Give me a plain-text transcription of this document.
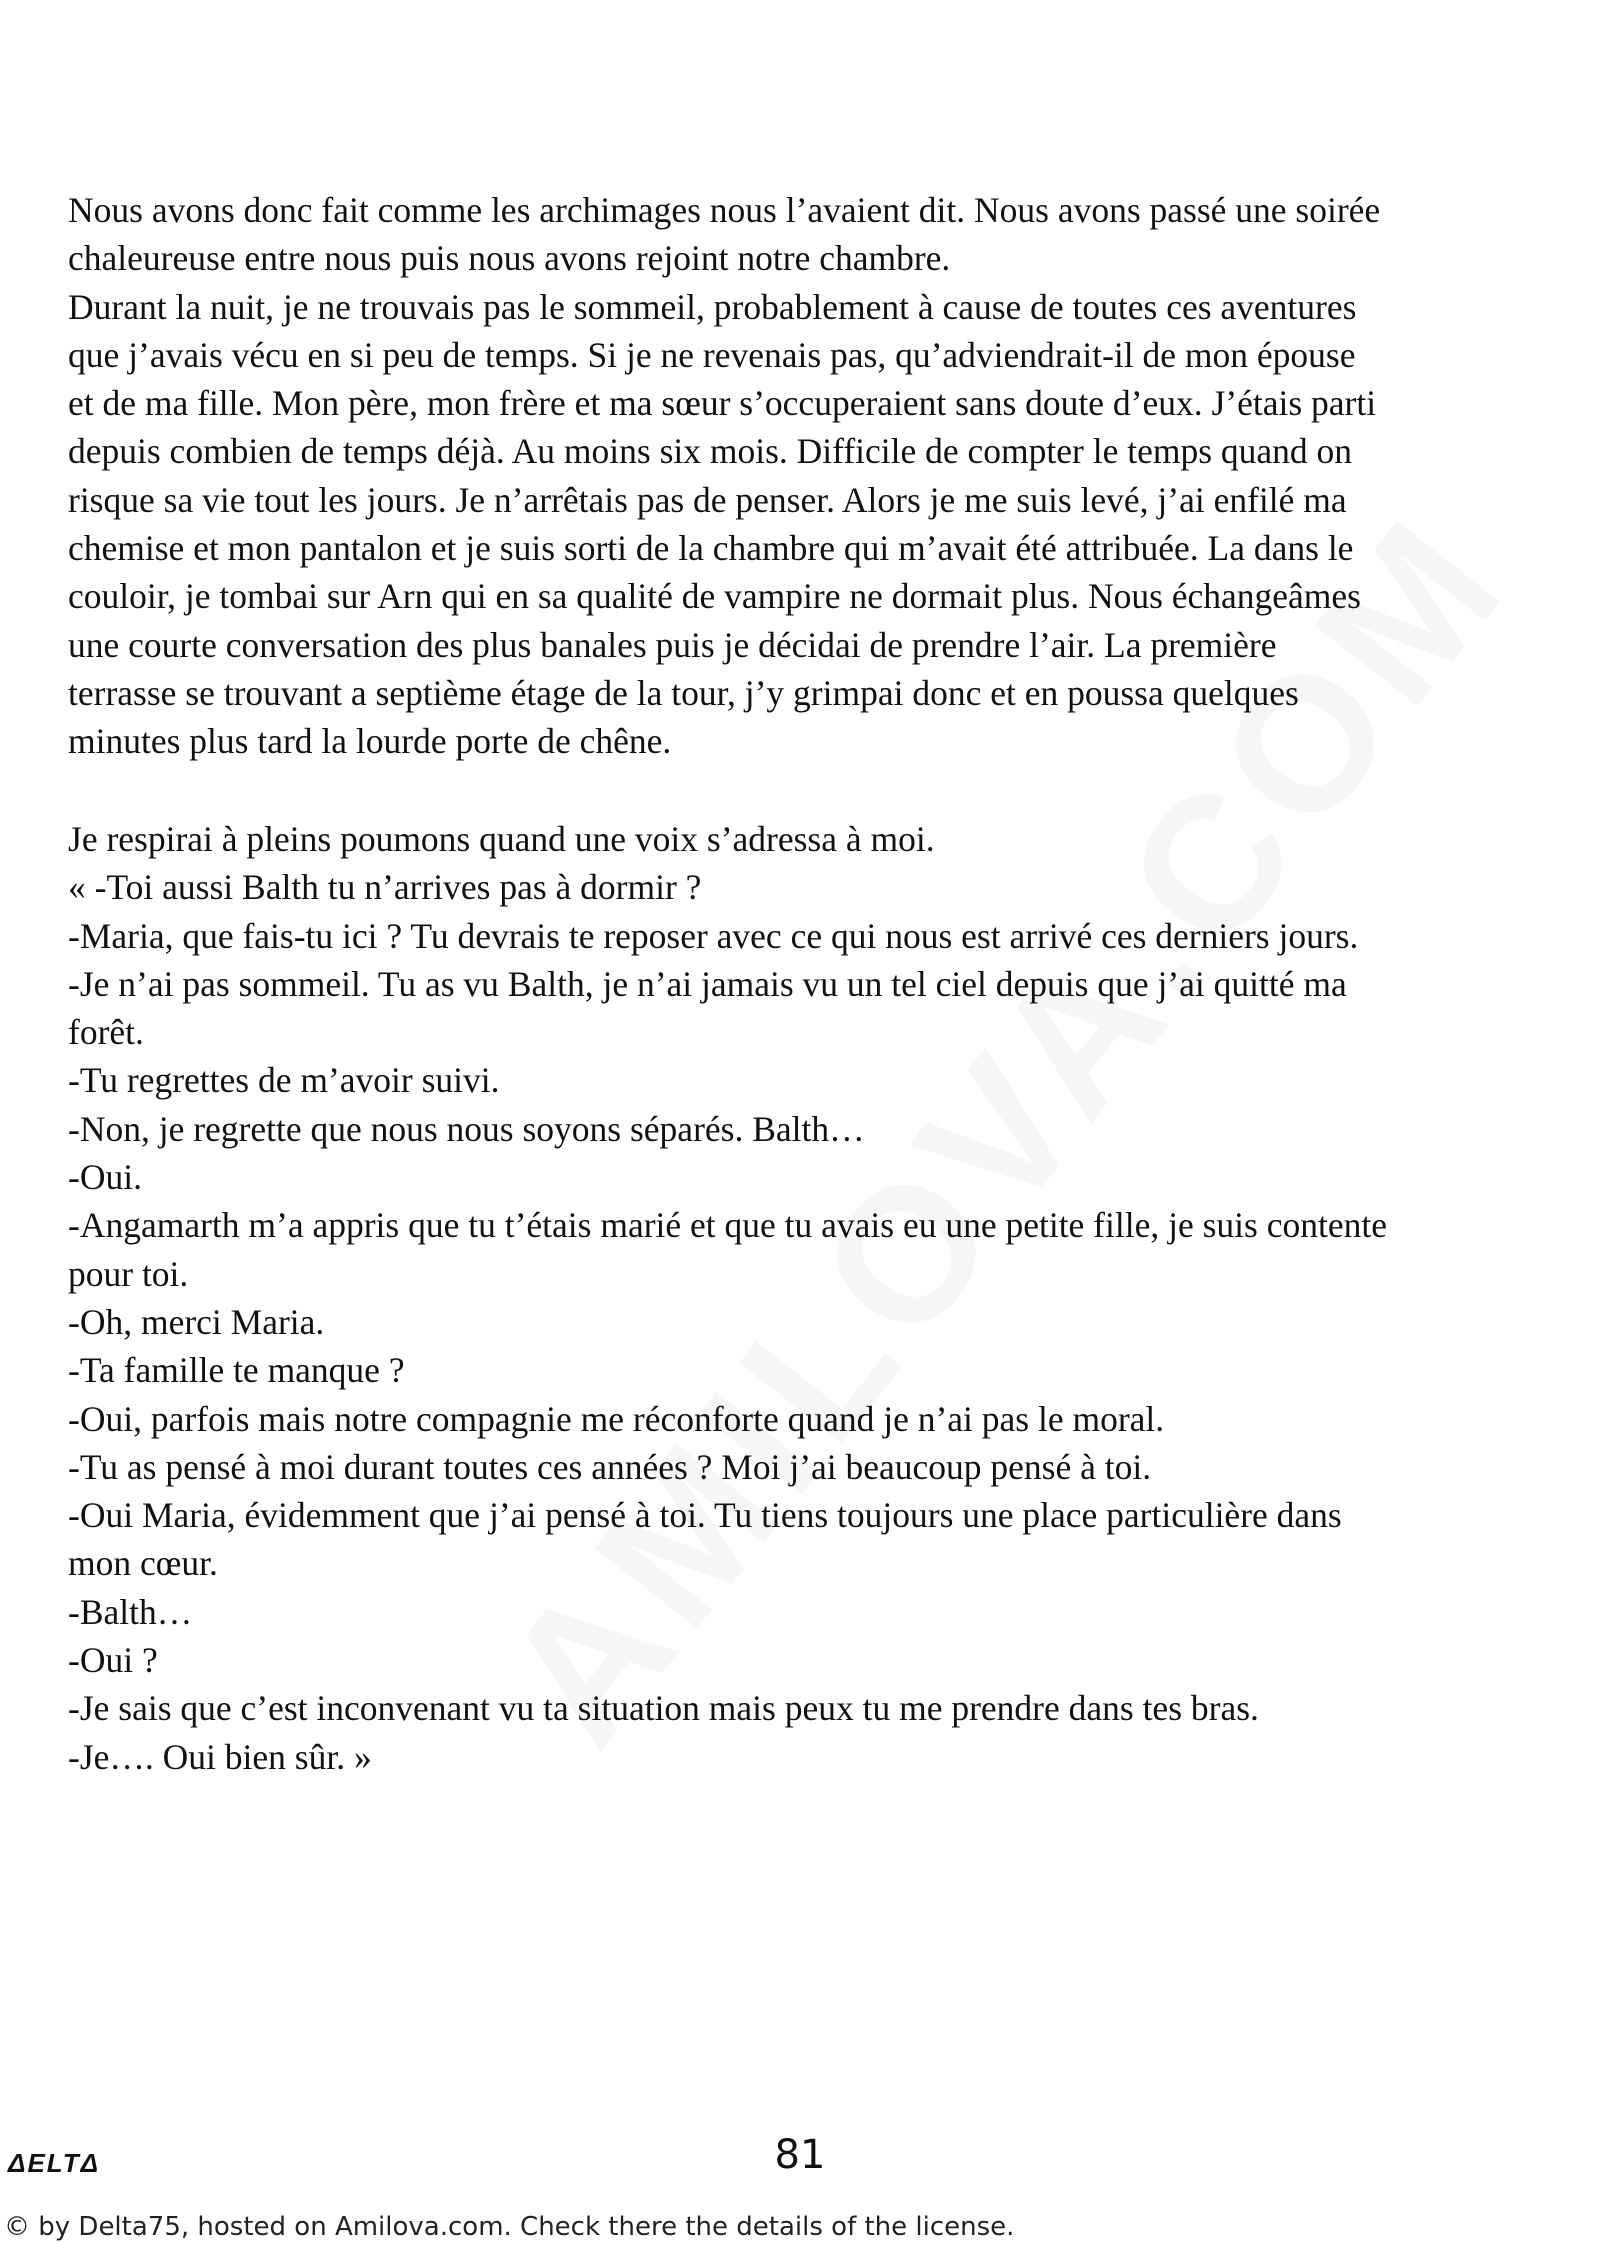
Nous avons donc fait comme les archimages nous l’avaient dit. Nous avons passé une soirée
chaleureuse entre nous puis nous avons rejoint notre chambre.
Durant la nuit, je ne trouvais pas le sommeil, probablement à cause de toutes ces aventures
que j’avais vécu en si peu de temps. Si je ne revenais pas, qu’adviendrait-il de mon épouse
et de ma fille. Mon père, mon frère et ma sœur s’occuperaient sans doute d’eux. J’étais parti
depuis combien de temps déjà. Au moins six mois. Difficile de compter le temps quand on
risque sa vie tout les jours. Je n’arrêtais pas de penser. Alors je me suis levé, j’ai enfilé ma
chemise et mon pantalon et je suis sorti de la chambre qui m’avait été attribuée. La dans le
couloir, je tombai sur Arn qui en sa qualité de vampire ne dormait plus. Nous échangeâmes
une courte conversation des plus banales puis je décidai de prendre l’air. La première
terrasse se trouvant a septième étage de la tour, j’y grimpai donc et en poussa quelques
minutes plus tard la lourde porte de chêne.
Je respirai à pleins poumons quand une voix s’adressa à moi.
« -Toi aussi Balth tu n’arrives pas à dormir ?
-Maria, que fais-tu ici ? Tu devrais te reposer avec ce qui nous est arrivé ces derniers jours.
-Je n’ai pas sommeil. Tu as vu Balth, je n’ai jamais vu un tel ciel depuis que j’ai quitté ma
forêt.
-Tu regrettes de m’avoir suivi.
-Non, je regrette que nous nous soyons séparés. Balth…
-Oui.
-Angamarth m’a appris que tu t’étais marié et que tu avais eu une petite fille, je suis contente
pour toi.
-Oh, merci Maria.
-Ta famille te manque ?
-Oui, parfois mais notre compagnie me réconforte quand je n’ai pas le moral.
-Tu as pensé à moi durant toutes ces années ? Moi j’ai beaucoup pensé à toi.
-Oui Maria, évidemment que j’ai pensé à toi. Tu tiens toujours une place particulière dans
mon cœur.
-Balth…
-Oui ?
-Je sais que c’est inconvenant vu ta situation mais peux tu me prendre dans tes bras.
-Je…. Oui bien sûr. »
ΔELTΔ	81
© by Delta75, hosted on Amilova.com. Check there the details of the license.
